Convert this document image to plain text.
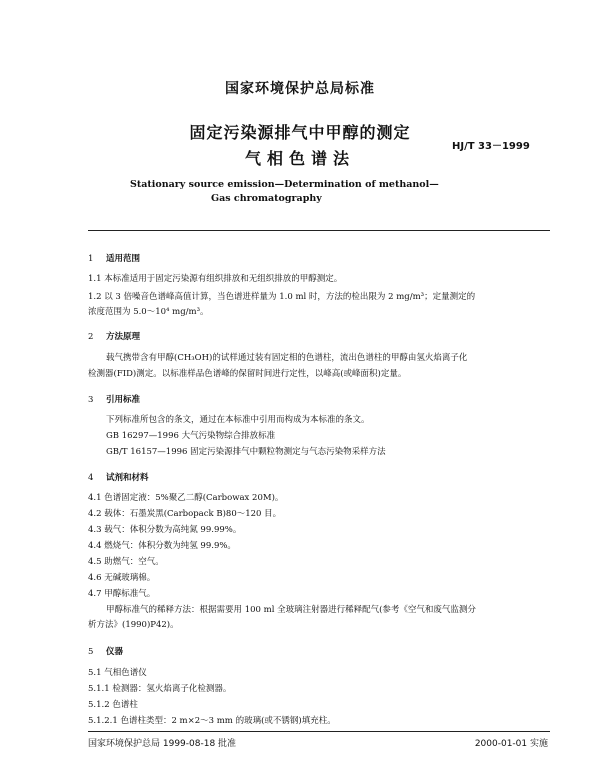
国家环境保护总局标准
固定污染源排气中甲醇的测定
气相色谱法
HJ/T 33－1999
Stationary source emission—Determination of methanol—
Gas chromatography
1 适用范围
1.1 本标准适用于固定污染源有组织排放和无组织排放的甲醇测定。
1.2 以 3 倍噪音色谱峰高值计算，当色谱进样量为 1.0 ml 时，方法的检出限为 2 mg/m³；定量测定的
浓度范围为 5.0～10⁴ mg/m³。
2 方法原理
载气携带含有甲醇(CH₃OH)的试样通过装有固定相的色谱柱，流出色谱柱的甲醇由氢火焰离子化
检测器(FID)测定。以标准样品色谱峰的保留时间进行定性，以峰高(或峰面积)定量。
3 引用标准
下列标准所包含的条文，通过在本标准中引用而构成为本标准的条文。
GB 16297—1996 大气污染物综合排放标准
GB/T 16157—1996 固定污染源排气中颗粒物测定与气态污染物采样方法
4 试剂和材料
4.1 色谱固定液：5%聚乙二醇(Carbowax 20M)。
4.2 载体：石墨炭黑(Carbopack B)80～120 目。
4.3 载气：体积分数为高纯氮 99.99%。
4.4 燃烧气：体积分数为纯氢 99.9%。
4.5 助燃气：空气。
4.6 无碱玻璃棉。
4.7 甲醇标准气。
甲醇标准气的稀释方法：根据需要用 100 ml 全玻璃注射器进行稀释配气(参考《空气和废气监测分
析方法》(1990)P42)。
5 仪器
5.1 气相色谱仪
5.1.1 检测器：氢火焰离子化检测器。
5.1.2 色谱柱
5.1.2.1 色谱柱类型：2 m×2～3 mm 的玻璃(或不锈钢)填充柱。
国家环境保护总局 1999-08-18 批准	2000-01-01 实施
